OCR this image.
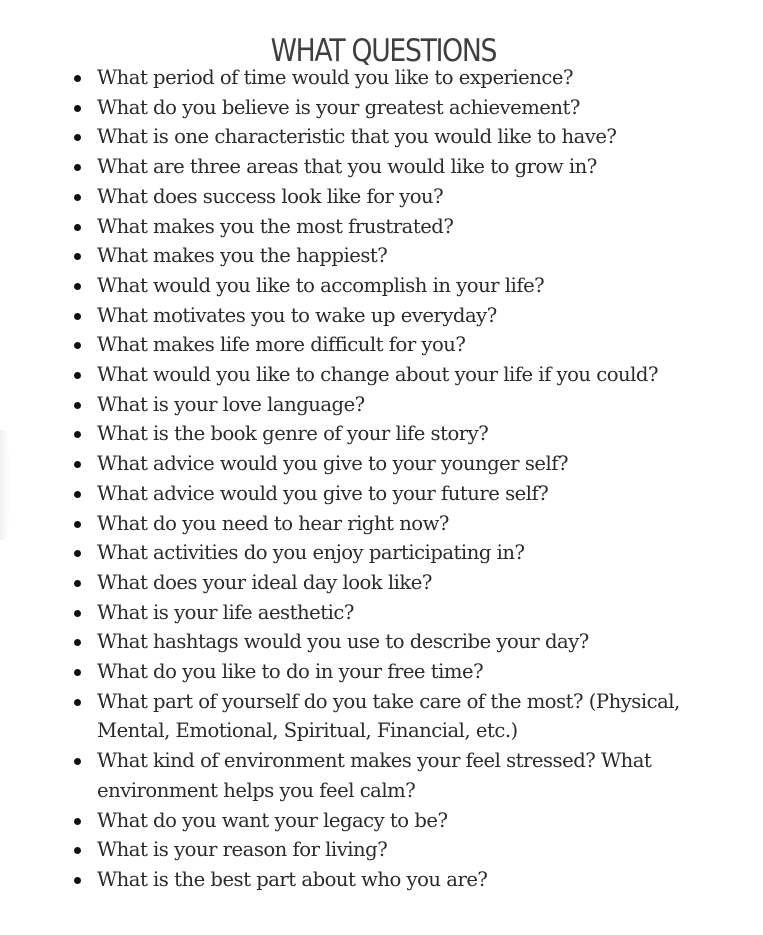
WHAT QUESTIONS
What period of time would you like to experience?
What do you believe is your greatest achievement?
What is one characteristic that you would like to have?
What are three areas that you would like to grow in?
What does success look like for you?
What makes you the most frustrated?
What makes you the happiest?
What would you like to accomplish in your life?
What motivates you to wake up everyday?
What makes life more difficult for you?
What would you like to change about your life if you could?
What is your love language?
What is the book genre of your life story?
What advice would you give to your younger self?
What advice would you give to your future self?
What do you need to hear right now?
What activities do you enjoy participating in?
What does your ideal day look like?
What is your life aesthetic?
What hashtags would you use to describe your day?
What do you like to do in your free time?
What part of yourself do you take care of the most? (Physical, Mental, Emotional, Spiritual, Financial, etc.)
What kind of environment makes your feel stressed? What environment helps you feel calm?
What do you want your legacy to be?
What is your reason for living?
What is the best part about who you are?
